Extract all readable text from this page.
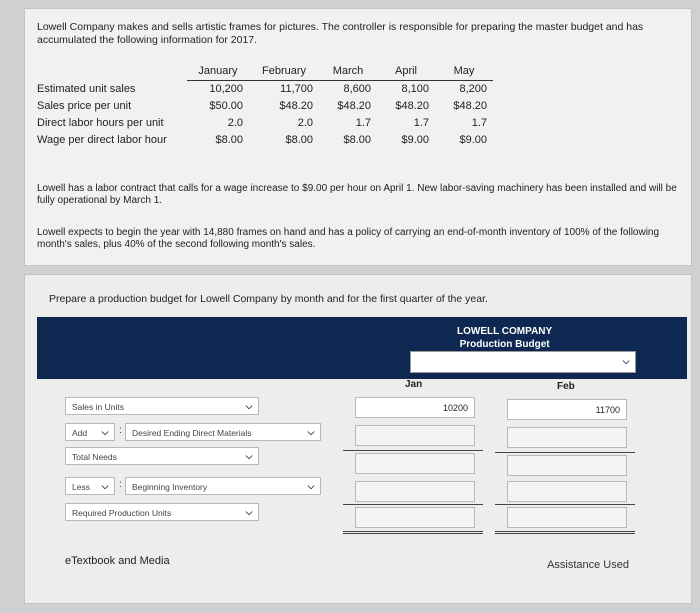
Lowell Company makes and sells artistic frames for pictures. The controller is responsible for preparing the master budget and has accumulated the following information for 2017.
	January	February	March	April	May
Estimated unit sales	10,200	11,700	8,600	8,100	8,200
Sales price per unit	$50.00	$48.20	$48.20	$48.20	$48.20
Direct labor hours per unit	2.0	2.0	1.7	1.7	1.7
Wage per direct labor hour	$8.00	$8.00	$8.00	$9.00	$9.00
Lowell has a labor contract that calls for a wage increase to $9.00 per hour on April 1. New labor-saving machinery has been installed and will be fully operational by March 1.
Lowell expects to begin the year with 14,880 frames on hand and has a policy of carrying an end-of-month inventory of 100% of the following month's sales, plus 40% of the second following month's sales.
Prepare a production budget for Lowell Company by month and for the first quarter of the year.
LOWELL COMPANY
Production Budget
⌵
Jan	Feb
Sales in Units	⌵	10200	11700
Add ⌵ :	Desired Ending Direct Materials	⌵
Total Needs	⌵
Less ⌵ :	Beginning Inventory	⌵
Required Production Units	⌵
eTextbook and Media	Assistance Used
